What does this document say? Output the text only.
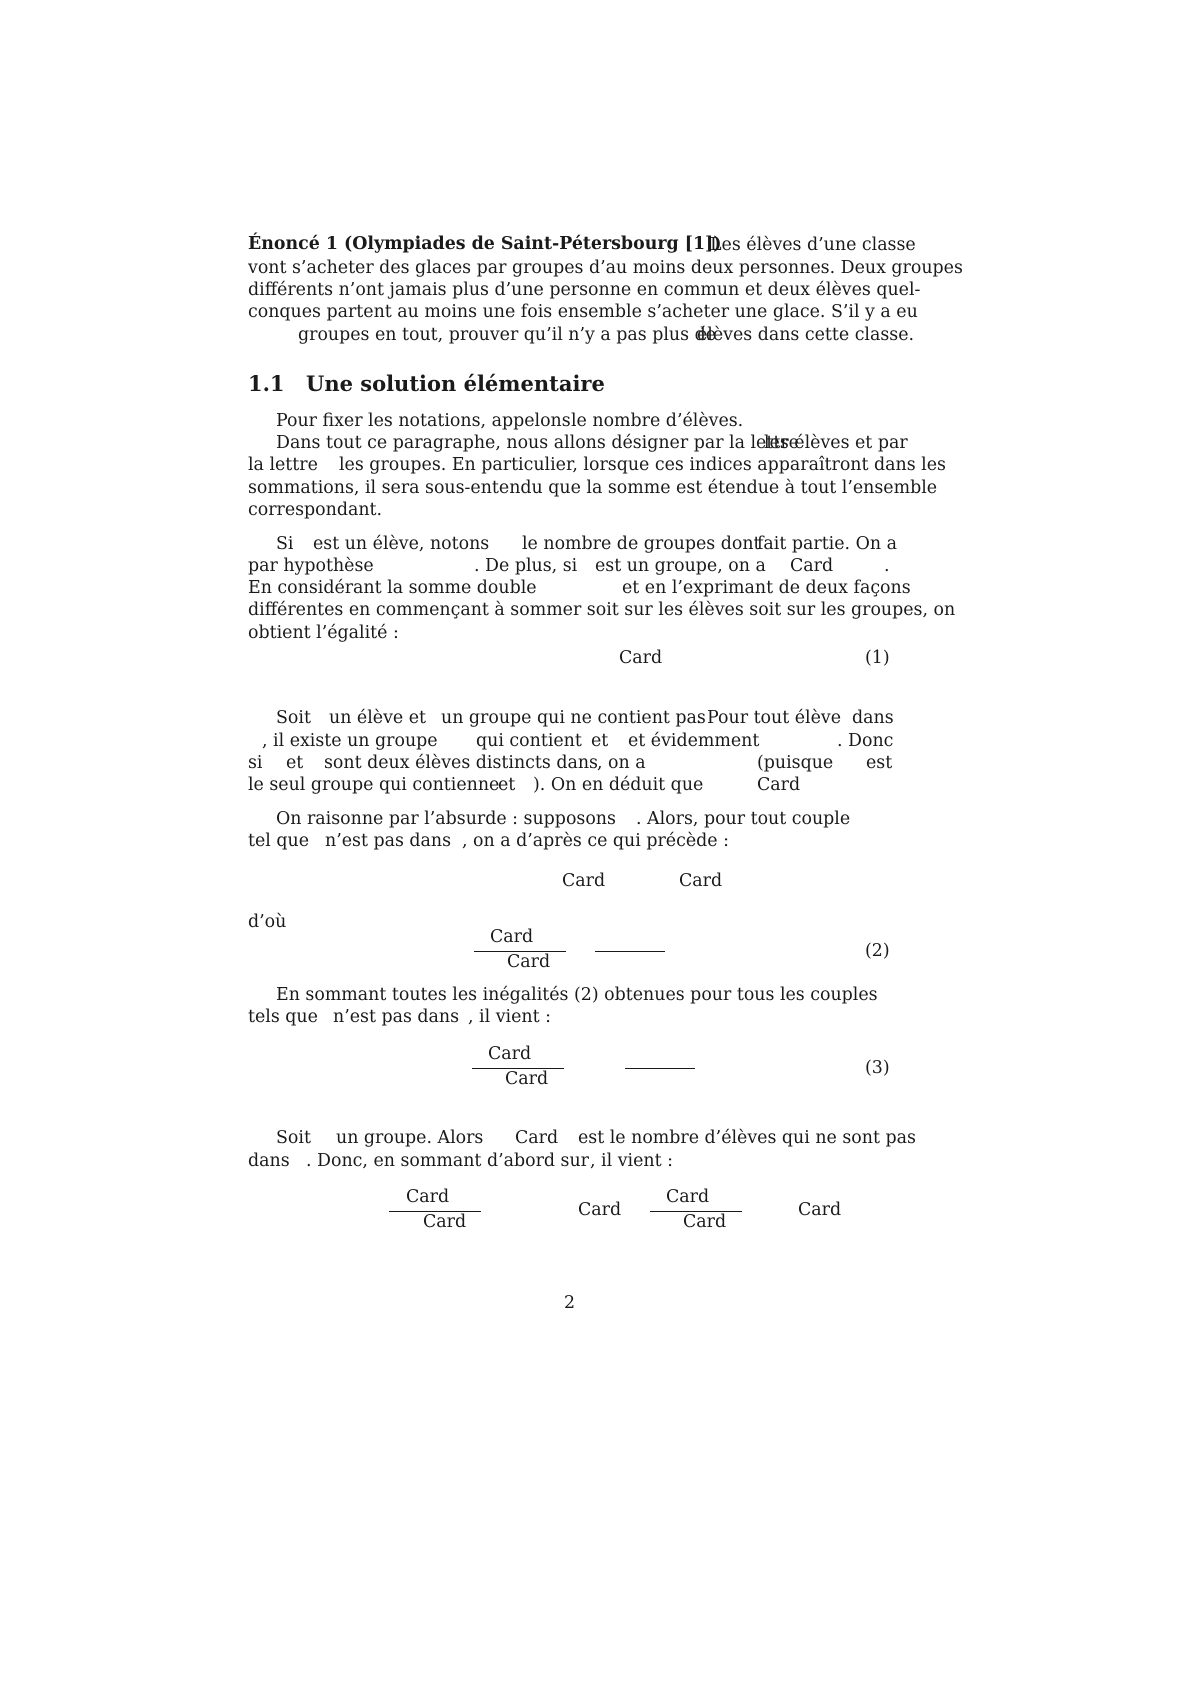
Énoncé 1 (Olympiades de Saint-Pétersbourg [1])
Les élèves d’une classe
vont s’acheter des glaces par groupes d’au moins deux personnes. Deux groupes
différents n’ont jamais plus d’une personne en commun et deux élèves quel-
conques partent au moins une fois ensemble s’acheter une glace. S’il y a eu
groupes en tout, prouver qu’il n’y a pas plus de
élèves dans cette classe.
1.1 Une solution élémentaire
Pour fixer les notations, appelons le nombre d’élèves.
Dans tout ce paragraphe, nous allons désigner par la lettre
les élèves et par
la lettre les groupes. En particulier, lorsque ces indices apparaîtront dans les
sommations, il sera sous-entendu que la somme est étendue à tout l’ensemble
correspondant.
Si est un élève, notons le nombre de groupes dont
fait partie. On a
par hypothèse	. De plus, si est un groupe, on a Card	.
En considérant la somme double	et en l’exprimant de deux façons
différentes en commençant à sommer soit sur les élèves soit sur les groupes, on
obtient l’égalité :
Card	(1)
Soit un élève et un groupe qui ne contient pas
. Pour tout élève dans
, il existe un groupe qui contient et et évidemment	. Donc
si et sont deux élèves distincts dans , on a	(puisque est
le seul groupe qui contienne
et ). On en déduit que	Card
On raisonne par l’absurde : supposons . Alors, pour tout couple
tel que n’est pas dans , on a d’après ce qui précède :
Card	Card
d’où
Card
Card
(2)
En sommant toutes les inégalités (2) obtenues pour tous les couples
tels que n’est pas dans , il vient :
Card
Card
(3)
Soit un groupe. Alors Card est le nombre d’élèves qui ne sont pas
dans . Donc, en sommant d’abord sur , il vient :
Card
Card
Card
Card
Card
Card
2
